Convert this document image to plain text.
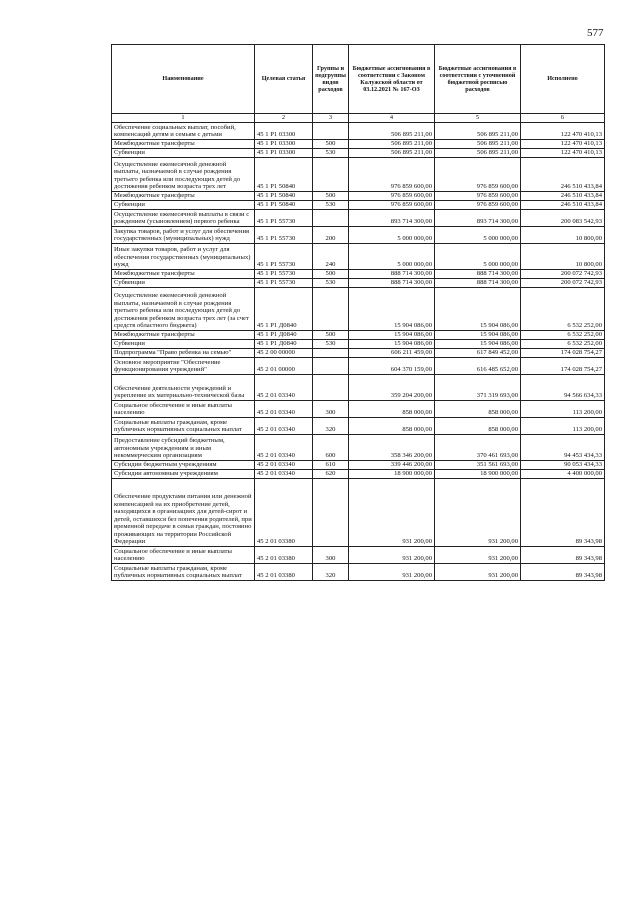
577
Наименование	Целевая статья	Группы и подгруппы видов расходов	Бюджетные ассигнования в соответствии с Законом Калужской области от 03.12.2021 № 167-ОЗ	Бюджетные ассигнования в соответствии с уточненной бюджетной росписью расходов	Исполнено
1	2	3	4	5	6
Обеспечение социальных выплат, пособий, компенсаций детям и семьям с детьми	45 1 P1 03300		506 895 211,00	506 895 211,00	122 470 410,13
Межбюджетные трансферты	45 1 P1 03300	500	506 895 211,00	506 895 211,00	122 470 410,13
Субвенции	45 1 P1 03300	530	506 895 211,00	506 895 211,00	122 470 410,13
Осуществление ежемесячной денежной выплаты, назначаемой в случае рождения третьего ребенка или последующих детей до достижения ребенком возраста трех лет	45 1 P1 50840		976 859 600,00	976 859 600,00	246 510 433,84
Межбюджетные трансферты	45 1 P1 50840	500	976 859 600,00	976 859 600,00	246 510 433,84
Субвенции	45 1 P1 50840	530	976 859 600,00	976 859 600,00	246 510 433,84
Осуществление ежемесячной выплаты в связи с рождением (усыновлением) первого ребенка	45 1 P1 55730		893 714 300,00	893 714 300,00	200 083 542,93
Закупка товаров, работ и услуг для обеспечения государственных (муниципальных) нужд	45 1 P1 55730	200	5 000 000,00	5 000 000,00	10 800,00
Иные закупки товаров, работ и услуг для обеспечения государственных (муниципальных) нужд	45 1 P1 55730	240	5 000 000,00	5 000 000,00	10 800,00
Межбюджетные трансферты	45 1 P1 55730	500	888 714 300,00	888 714 300,00	200 072 742,93
Субвенции	45 1 P1 55730	530	888 714 300,00	888 714 300,00	200 072 742,93
Осуществление ежемесячной денежной выплаты, назначаемой в случае рождения третьего ребенка или последующих детей до достижения ребенком возраста трех лет (за счет средств областного бюджета)	45 1 P1 Д0840		15 904 086,00	15 904 086,00	6 532 252,00
Межбюджетные трансферты	45 1 P1 Д0840	500	15 904 086,00	15 904 086,00	6 532 252,00
Субвенции	45 1 P1 Д0840	530	15 904 086,00	15 904 086,00	6 532 252,00
Подпрограмма "Право ребенка на семью"	45 2 00 00000		606 211 459,00	617 849 452,00	174 028 754,27
Основное мероприятие "Обеспечение функционирования учреждений"	45 2 01 00000		604 370 159,00	616 485 652,00	174 028 754,27
Обеспечение деятельности учреждений и укрепление их материально-технической базы	45 2 01 03340		359 204 200,00	371 319 693,00	94 566 634,33
Социальное обеспечение и иные выплаты населению	45 2 01 03340	300	858 000,00	858 000,00	113 200,00
Социальные выплаты гражданам, кроме публичных нормативных социальных выплат	45 2 01 03340	320	858 000,00	858 000,00	113 200,00
Предоставление субсидий бюджетным, автономным учреждениям и иным некоммерческим организациям	45 2 01 03340	600	358 346 200,00	370 461 693,00	94 453 434,33
Субсидии бюджетным учреждениям	45 2 01 03340	610	339 446 200,00	351 561 693,00	90 053 434,33
Субсидии автономным учреждениям	45 2 01 03340	620	18 900 000,00	18 900 000,00	4 400 000,00
Обеспечение продуктами питания или денежной компенсацией на их приобретение детей, находящихся в организациях для детей-сирот и детей, оставшихся без попечения родителей, при временной передаче в семьи граждан, постоянно проживающих на территории Российской Федерации	45 2 01 03380		931 200,00	931 200,00	89 343,98
Социальное обеспечение и иные выплаты населению	45 2 01 03380	300	931 200,00	931 200,00	89 343,98
Социальные выплаты гражданам, кроме публичных нормативных социальных выплат	45 2 01 03380	320	931 200,00	931 200,00	89 343,98
